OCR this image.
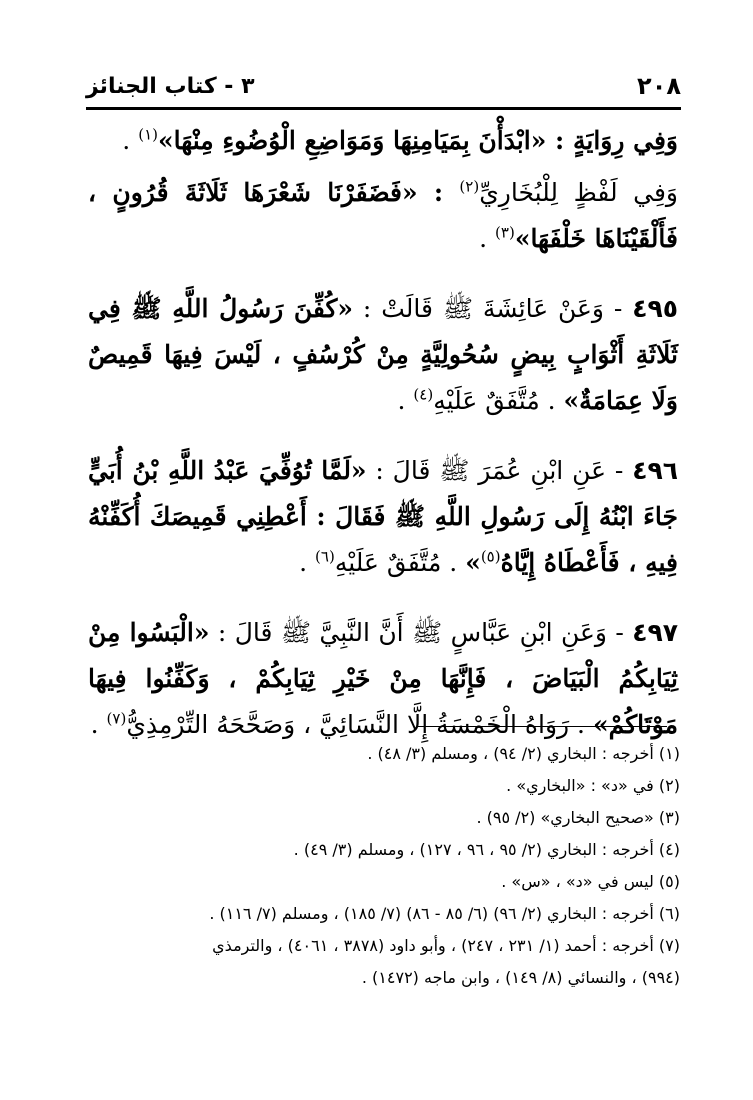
٢٠٨
٣ - كتاب الجنائز

وَفِي رِوَايَةٍ : «ابْدَأْنَ بِمَيَامِنِهَا وَمَوَاضِعِ الْوُضُوءِ مِنْهَا»$^{(١)}$ .

وَفِي لَفْظٍ لِلْبُخَارِيِّ$^{(٢)}$ : «فَضَفَرْنَا شَعْرَهَا ثَلَاثَةَ قُرُونٍ ، فَأَلْقَيْنَاهَا خَلْفَهَا»$^{(٣)}$ .

٤٩٥ - وَعَنْ عَائِشَةَ ﷺ قَالَتْ : «كُفِّنَ رَسُولُ اللَّهِ ﷺ فِي ثَلَاثَةِ أَثْوَابٍ بِيضٍ سُحُولِيَّةٍ مِنْ كُرْسُفٍ ، لَيْسَ فِيهَا قَمِيصٌ وَلَا عِمَامَةٌ» . مُتَّفَقٌ عَلَيْهِ$^{(٤)}$ .

٤٩٦ - عَنِ ابْنِ عُمَرَ ﷺ قَالَ : «لَمَّا تُوُفِّيَ عَبْدُ اللَّهِ بْنُ أُبَيٍّ جَاءَ ابْنُهُ إِلَى رَسُولِ اللَّهِ ﷺ فَقَالَ : أَعْطِنِي قَمِيصَكَ أُكَفِّنْهُ فِيهِ ، فَأَعْطَاهُ إِيَّاهُ$^{(٥)}$» . مُتَّفَقٌ عَلَيْهِ$^{(٦)}$ .

٤٩٧ - وَعَنِ ابْنِ عَبَّاسٍ ﷺ أَنَّ النَّبِيَّ ﷺ قَالَ : «الْبَسُوا مِنْ ثِيَابِكُمُ الْبَيَاضَ ، فَإِنَّهَا مِنْ خَيْرِ ثِيَابِكُمْ ، وَكَفِّنُوا فِيهَا مَوْتَاكُمْ» . رَوَاهُ الْخَمْسَةُ إِلَّا النَّسَائِيَّ ، وَصَحَّحَهُ التِّرْمِذِيُّ$^{(٧)}$ .

(١) أخرجه : البخاري (٢/ ٩٤) ، ومسلم (٣/ ٤٨) .

(٢) في «د» : «البخاري» .

(٣) «صحيح البخاري» (٢/ ٩٥) .

(٤) أخرجه : البخاري (٢/ ٩٥ ، ٩٦ ، ١٢٧) ، ومسلم (٣/ ٤٩) .

(٥) ليس في «د» ، «س» .

(٦) أخرجه : البخاري (٢/ ٩٦) (٦/ ٨٥ - ٨٦) (٧/ ١٨٥) ، ومسلم (٧/ ١١٦) .

(٧) أخرجه : أحمد (١/ ٢٣١ ، ٢٤٧) ، وأبو داود (٣٨٧٨ ، ٤٠٦١) ، والترمذي

(٩٩٤) ، والنسائي (٨/ ١٤٩) ، وابن ماجه (١٤٧٢) .
